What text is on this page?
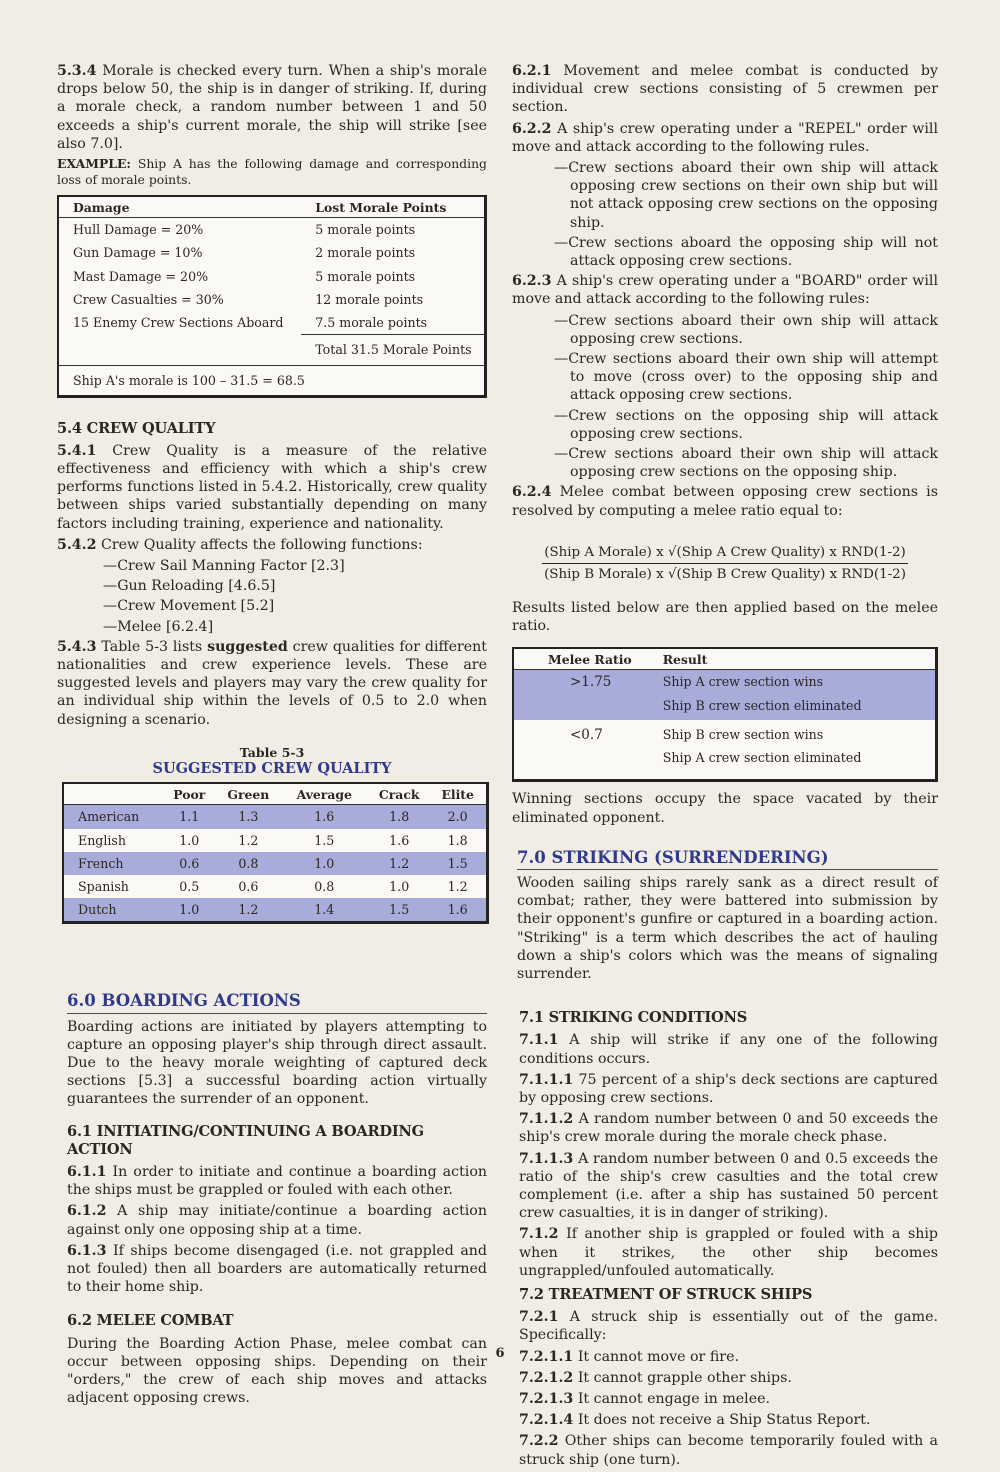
5.3.4 Morale is checked every turn. When a ship's morale drops below 50, the ship is in danger of striking. If, during a morale check, a random number between 1 and 50 exceeds a ship's current morale, the ship will strike [see also 7.0].

EXAMPLE: Ship A has the following damage and corresponding loss of morale points.

Damage	Lost Morale Points
Hull Damage = 20%	5 morale points
Gun Damage = 10%	2 morale points
Mast Damage = 20%	5 morale points
Crew Casualties = 30%	12 morale points
15 Enemy Crew Sections Aboard	7.5 morale points
	Total 31.5 Morale Points
Ship A's morale is 100 – 31.5 = 68.5	
5.4 CREW QUALITY

5.4.1 Crew Quality is a measure of the relative effectiveness and efficiency with which a ship's crew performs functions listed in 5.4.2. Historically, crew quality between ships varied substantially depending on many factors including training, experience and nationality.

5.4.2 Crew Quality affects the following functions:

—Crew Sail Manning Factor [2.3]

—Gun Reloading [4.6.5]

—Crew Movement [5.2]

—Melee [6.2.4]

5.4.3 Table 5-3 lists suggested crew qualities for different nationalities and crew experience levels. These are suggested levels and players may vary the crew quality for an individual ship within the levels of 0.5 to 2.0 when designing a scenario.

Table 5-3
SUGGESTED CREW QUALITY
	Poor	Green	Average	Crack	Elite
American	1.1	1.3	1.6	1.8	2.0
English	1.0	1.2	1.5	1.6	1.8
French	0.6	0.8	1.0	1.2	1.5
Spanish	0.5	0.6	0.8	1.0	1.2
Dutch	1.0	1.2	1.4	1.5	1.6
6.0 BOARDING ACTIONS

Boarding actions are initiated by players attempting to capture an opposing player's ship through direct assault. Due to the heavy morale weighting of captured deck sections [5.3] a successful boarding action virtually guarantees the surrender of an opponent.

6.1 INITIATING/CONTINUING A BOARDING ACTION

6.1.1 In order to initiate and continue a boarding action the ships must be grappled or fouled with each other.

6.1.2 A ship may initiate/continue a boarding action against only one opposing ship at a time.

6.1.3 If ships become disengaged (i.e. not grappled and not fouled) then all boarders are automatically returned to their home ship.

6.2 MELEE COMBAT

During the Boarding Action Phase, melee combat can occur between opposing ships. Depending on their "orders," the crew of each ship moves and attacks adjacent opposing crews.

6.2.1 Movement and melee combat is conducted by individual crew sections consisting of 5 crewmen per section.

6.2.2 A ship's crew operating under a "REPEL" order will move and attack according to the following rules.

—Crew sections aboard their own ship will attack opposing crew sections on their own ship but will not attack opposing crew sections on the opposing ship.

—Crew sections aboard the opposing ship will not attack opposing crew sections.

6.2.3 A ship's crew operating under a "BOARD" order will move and attack according to the following rules:

—Crew sections aboard their own ship will attack opposing crew sections.

—Crew sections aboard their own ship will attempt to move (cross over) to the opposing ship and attack opposing crew sections.

—Crew sections on the opposing ship will attack opposing crew sections.

—Crew sections aboard their own ship will attack opposing crew sections on the opposing ship.

6.2.4 Melee combat between opposing crew sections is resolved by computing a melee ratio equal to:

(Ship A Morale) x √(Ship A Crew Quality) x RND(1-2)
(Ship B Morale) x √(Ship B Crew Quality) x RND(1-2)

Results listed below are then applied based on the melee ratio.

Melee Ratio	Result
>1.75	Ship A crew section wins
	Ship B crew section eliminated
<0.7	Ship B crew section wins
	Ship A crew section eliminated

Winning sections occupy the space vacated by their eliminated opponent.

7.0 STRIKING (SURRENDERING)

Wooden sailing ships rarely sank as a direct result of combat; rather, they were battered into submission by their opponent's gunfire or captured in a boarding action. "Striking" is a term which describes the act of hauling down a ship's colors which was the means of signaling surrender.

7.1 STRIKING CONDITIONS

7.1.1 A ship will strike if any one of the following conditions occurs.

7.1.1.1 75 percent of a ship's deck sections are captured by opposing crew sections.

7.1.1.2 A random number between 0 and 50 exceeds the ship's crew morale during the morale check phase.

7.1.1.3 A random number between 0 and 0.5 exceeds the ratio of the ship's crew casulties and the total crew complement (i.e. after a ship has sustained 50 percent crew casualties, it is in danger of striking).

7.1.2 If another ship is grappled or fouled with a ship when it strikes, the other ship becomes ungrappled/unfouled automatically.

7.2 TREATMENT OF STRUCK SHIPS

7.2.1 A struck ship is essentially out of the game. Specifically:

7.2.1.1 It cannot move or fire.

7.2.1.2 It cannot grapple other ships.

7.2.1.3 It cannot engage in melee.

7.2.1.4 It does not receive a Ship Status Report.

7.2.2 Other ships can become temporarily fouled with a struck ship (one turn).

6
